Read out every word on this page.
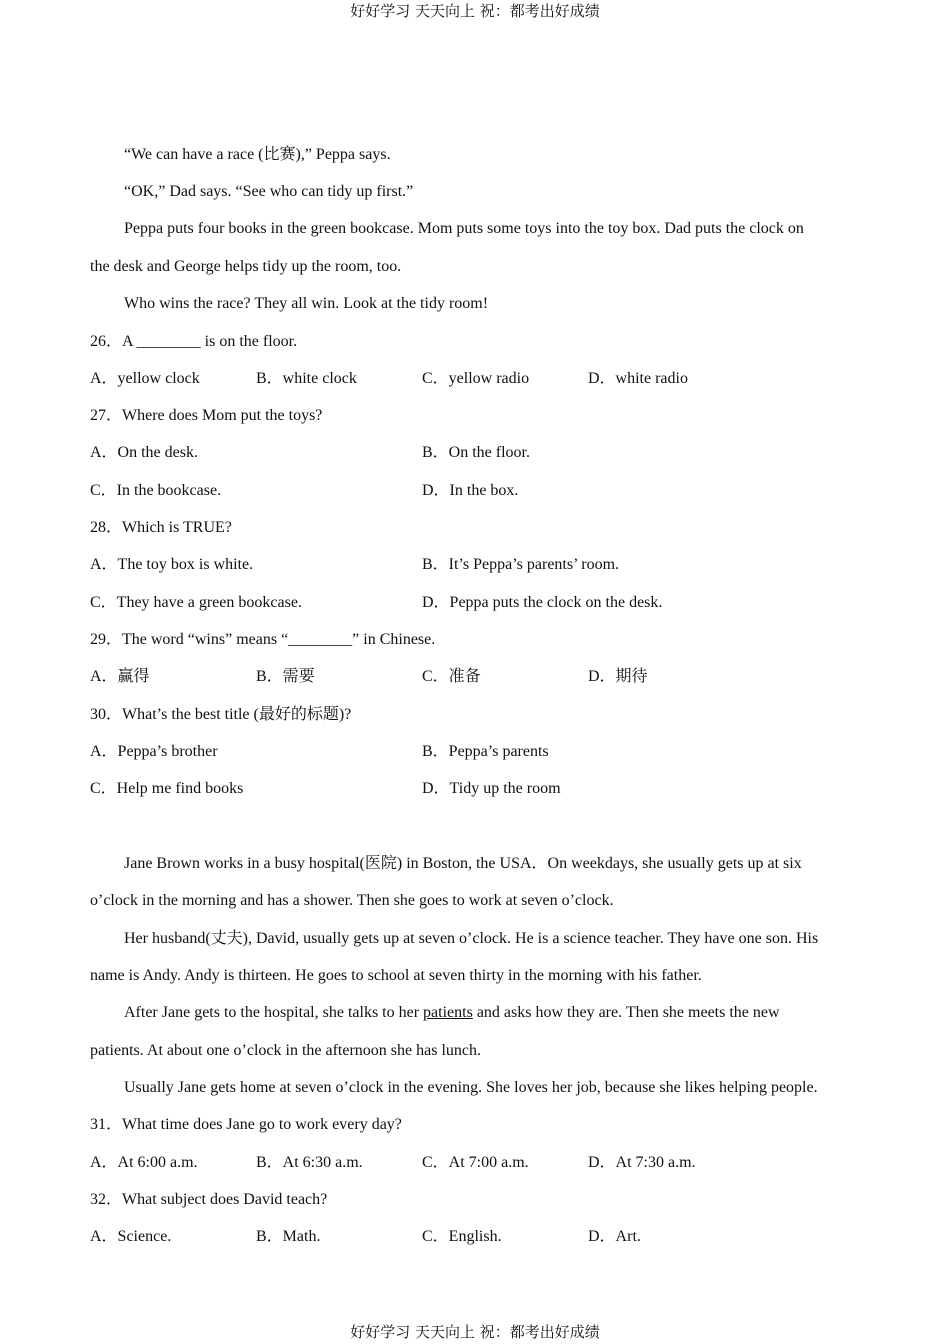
好好学习 天天向上 祝：都考出好成绩
“We can have a race (比赛),” Peppa says.
“OK,” Dad says. “See who can tidy up first.”
Peppa puts four books in the green bookcase. Mom puts some toys into the toy box. Dad puts the clock on
the desk and George helps tidy up the room, too.
Who wins the race? They all win. Look at the tidy room!
26．A ________ is on the floor.
A．yellow clock	B．white clock	C．yellow radio	D．white radio
27．Where does Mom put the toys?
A．On the desk.	B．On the floor.
C．In the bookcase.	D．In the box.
28．Which is TRUE?
A．The toy box is white.	B．It’s Peppa’s parents’ room.
C．They have a green bookcase.	D．Peppa puts the clock on the desk.
29．The word “wins” means “________” in Chinese.
A．赢得	B．需要	C．准备	D．期待
30．What’s the best title (最好的标题)?
A．Peppa’s brother	B．Peppa’s parents
C．Help me find books	D．Tidy up the room
Jane Brown works in a busy hospital(医院) in Boston, the USA．On weekdays, she usually gets up at six
o’clock in the morning and has a shower. Then she goes to work at seven o’clock.
Her husband(丈夫), David, usually gets up at seven o’clock. He is a science teacher. They have one son. His
name is Andy. Andy is thirteen. He goes to school at seven thirty in the morning with his father.
After Jane gets to the hospital, she talks to her patients and asks how they are. Then she meets the new
patients. At about one o’clock in the afternoon she has lunch.
Usually Jane gets home at seven o’clock in the evening. She loves her job, because she likes helping people.
31．What time does Jane go to work every day?
A．At 6:00 a.m.	B．At 6:30 a.m.	C．At 7:00 a.m.	D．At 7:30 a.m.
32．What subject does David teach?
A．Science.	B．Math.	C．English.	D．Art.
好好学习 天天向上 祝：都考出好成绩
